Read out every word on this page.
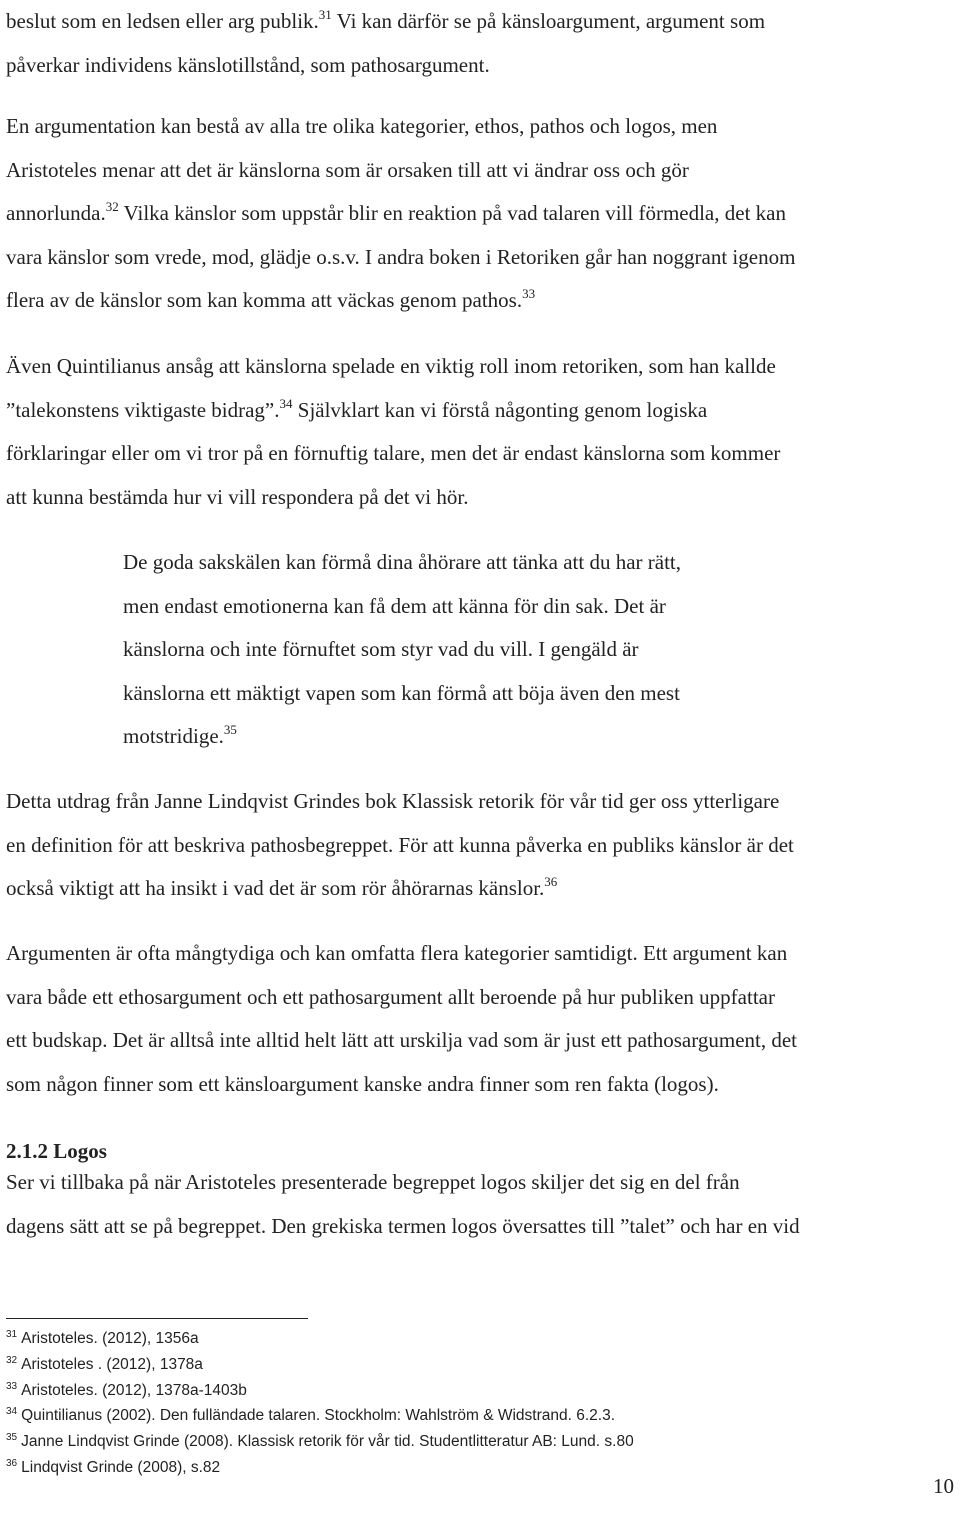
beslut som en ledsen eller arg publik.$^{31}$ Vi kan därför se på känsloargument, argument som
påverkar individens känslotillstånd, som pathosargument.
En argumentation kan bestå av alla tre olika kategorier, ethos, pathos och logos, men
Aristoteles menar att det är känslorna som är orsaken till att vi ändrar oss och gör
annorlunda.$^{32}$ Vilka känslor som uppstår blir en reaktion på vad talaren vill förmedla, det kan
vara känslor som vrede, mod, glädje o.s.v. I andra boken i Retoriken går han noggrant igenom
flera av de känslor som kan komma att väckas genom pathos.$^{33}$
Även Quintilianus ansåg att känslorna spelade en viktig roll inom retoriken, som han kallde
”talekonstens viktigaste bidrag”.$^{34}$ Självklart kan vi förstå någonting genom logiska
förklaringar eller om vi tror på en förnuftig talare, men det är endast känslorna som kommer
att kunna bestämda hur vi vill respondera på det vi hör.
De goda sakskälen kan förmå dina åhörare att tänka att du har rätt,
men endast emotionerna kan få dem att känna för din sak. Det är
känslorna och inte förnuftet som styr vad du vill. I gengäld är
känslorna ett mäktigt vapen som kan förmå att böja även den mest
motstridige.$^{35}$
Detta utdrag från Janne Lindqvist Grindes bok Klassisk retorik för vår tid ger oss ytterligare
en definition för att beskriva pathosbegreppet. För att kunna påverka en publiks känslor är det
också viktigt att ha insikt i vad det är som rör åhörarnas känslor.$^{36}$
Argumenten är ofta mångtydiga och kan omfatta flera kategorier samtidigt. Ett argument kan
vara både ett ethosargument och ett pathosargument allt beroende på hur publiken uppfattar
ett budskap. Det är alltså inte alltid helt lätt att urskilja vad som är just ett pathosargument, det
som någon finner som ett känsloargument kanske andra finner som ren fakta (logos).
2.1.2 Logos
Ser vi tillbaka på när Aristoteles presenterade begreppet logos skiljer det sig en del från
dagens sätt att se på begreppet. Den grekiska termen logos översattes till ”talet” och har en vid
$^{31}$ Aristoteles. (2012), 1356a
$^{32}$ Aristoteles . (2012), 1378a
$^{33}$ Aristoteles. (2012), 1378a-1403b
$^{34}$ Quintilianus (2002). Den fulländade talaren. Stockholm: Wahlström & Widstrand. 6.2.3.
$^{35}$ Janne Lindqvist Grinde (2008). Klassisk retorik för vår tid. Studentlitteratur AB: Lund. s.80
$^{36}$ Lindqvist Grinde (2008), s.82
10
